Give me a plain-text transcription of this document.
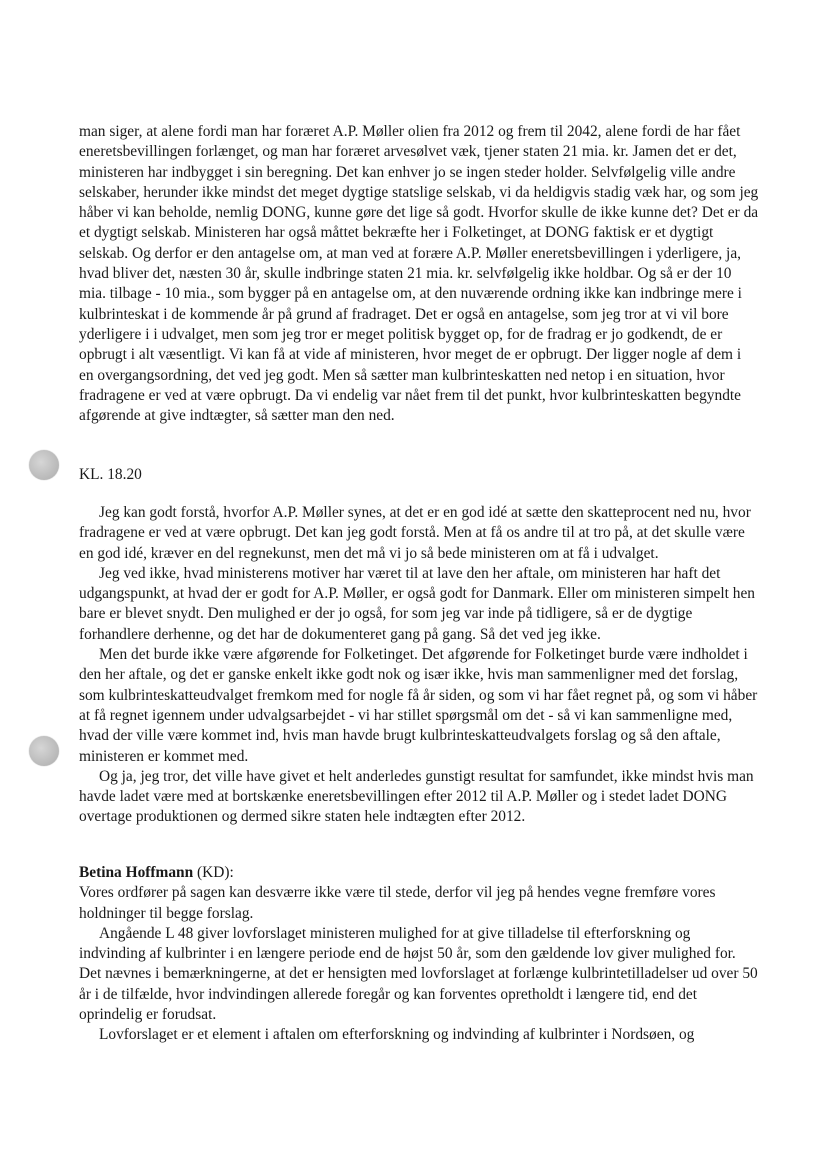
man siger, at alene fordi man har foræret A.P. Møller olien fra 2012 og frem til 2042, alene fordi de har fået eneretsbevillingen forlænget, og man har foræret arvesølvet væk, tjener staten 21 mia. kr. Jamen det er det, ministeren har indbygget i sin beregning. Det kan enhver jo se ingen steder holder. Selvfølgelig ville andre selskaber, herunder ikke mindst det meget dygtige statslige selskab, vi da heldigvis stadig væk har, og som jeg håber vi kan beholde, nemlig DONG, kunne gøre det lige så godt. Hvorfor skulle de ikke kunne det? Det er da et dygtigt selskab. Ministeren har også måttet bekræfte her i Folketinget, at DONG faktisk er et dygtigt selskab. Og derfor er den antagelse om, at man ved at forære A.P. Møller eneretsbevillingen i yderligere, ja, hvad bliver det, næsten 30 år, skulle indbringe staten 21 mia. kr. selvfølgelig ikke holdbar. Og så er der 10 mia. tilbage - 10 mia., som bygger på en antagelse om, at den nuværende ordning ikke kan indbringe mere i kulbrinteskat i de kommende år på grund af fradraget. Det er også en antagelse, som jeg tror at vi vil bore yderligere i i udvalget, men som jeg tror er meget politisk bygget op, for de fradrag er jo godkendt, de er opbrugt i alt væsentligt. Vi kan få at vide af ministeren, hvor meget de er opbrugt. Der ligger nogle af dem i en overgangsordning, det ved jeg godt. Men så sætter man kulbrinteskatten ned netop i en situation, hvor fradragene er ved at være opbrugt. Da vi endelig var nået frem til det punkt, hvor kulbrinteskatten begyndte afgørende at give indtægter, så sætter man den ned.

KL. 18.20

Jeg kan godt forstå, hvorfor A.P. Møller synes, at det er en god idé at sætte den skatteprocent ned nu, hvor fradragene er ved at være opbrugt. Det kan jeg godt forstå. Men at få os andre til at tro på, at det skulle være en god idé, kræver en del regnekunst, men det må vi jo så bede ministeren om at få i udvalget.

Jeg ved ikke, hvad ministerens motiver har været til at lave den her aftale, om ministeren har haft det udgangspunkt, at hvad der er godt for A.P. Møller, er også godt for Danmark. Eller om ministeren simpelt hen bare er blevet snydt. Den mulighed er der jo også, for som jeg var inde på tidligere, så er de dygtige forhandlere derhenne, og det har de dokumenteret gang på gang. Så det ved jeg ikke.

Men det burde ikke være afgørende for Folketinget. Det afgørende for Folketinget burde være indholdet i den her aftale, og det er ganske enkelt ikke godt nok og især ikke, hvis man sammenligner med det forslag, som kulbrinteskatteudvalget fremkom med for nogle få år siden, og som vi har fået regnet på, og som vi håber at få regnet igennem under udvalgsarbejdet - vi har stillet spørgsmål om det - så vi kan sammenligne med, hvad der ville være kommet ind, hvis man havde brugt kulbrinteskatteudvalgets forslag og så den aftale, ministeren er kommet med.

Og ja, jeg tror, det ville have givet et helt anderledes gunstigt resultat for samfundet, ikke mindst hvis man havde ladet være med at bortskænke eneretsbevillingen efter 2012 til A.P. Møller og i stedet ladet DONG overtage produktionen og dermed sikre staten hele indtægten efter 2012.

Betina Hoffmann (KD):

Vores ordfører på sagen kan desværre ikke være til stede, derfor vil jeg på hendes vegne fremføre vores holdninger til begge forslag.

Angående L 48 giver lovforslaget ministeren mulighed for at give tilladelse til efterforskning og indvinding af kulbrinter i en længere periode end de højst 50 år, som den gældende lov giver mulighed for. Det nævnes i bemærkningerne, at det er hensigten med lovforslaget at forlænge kulbrintetilladelser ud over 50 år i de tilfælde, hvor indvindingen allerede foregår og kan forventes opretholdt i længere tid, end det oprindelig er forudsat.

Lovforslaget er et element i aftalen om efterforskning og indvinding af kulbrinter i Nordsøen, og
